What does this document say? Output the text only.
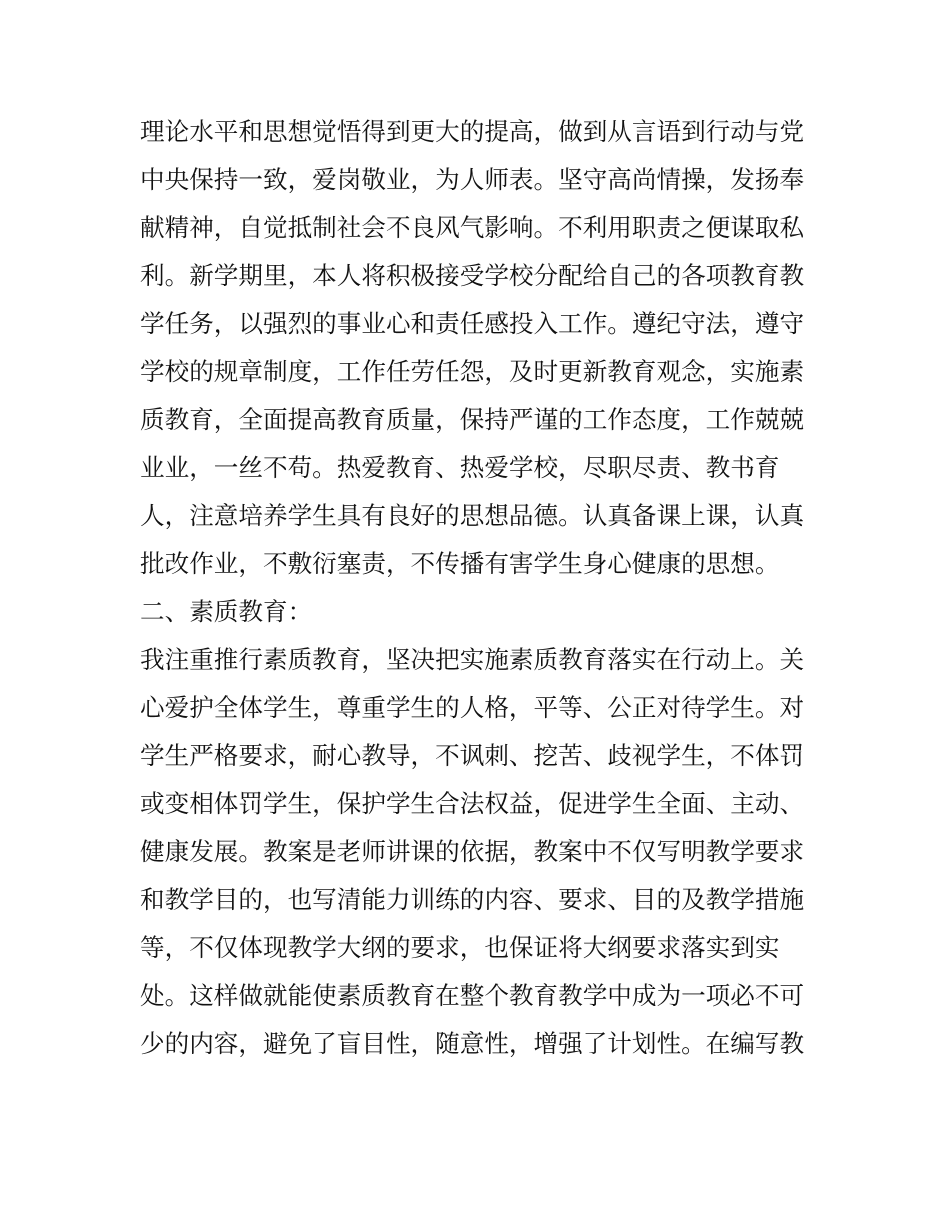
理论水平和思想觉悟得到更大的提高，做到从言语到行动与党
中央保持一致，爱岗敬业，为人师表。坚守高尚情操，发扬奉
献精神，自觉抵制社会不良风气影响。不利用职责之便谋取私
利。新学期里，本人将积极接受学校分配给自己的各项教育教
学任务，以强烈的事业心和责任感投入工作。遵纪守法，遵守
学校的规章制度，工作任劳任怨，及时更新教育观念，实施素
质教育，全面提高教育质量，保持严谨的工作态度，工作兢兢
业业，一丝不苟。热爱教育、热爱学校，尽职尽责、教书育
人，注意培养学生具有良好的思想品德。认真备课上课，认真
批改作业，不敷衍塞责，不传播有害学生身心健康的思想。
二、素质教育：
我注重推行素质教育，坚决把实施素质教育落实在行动上。关
心爱护全体学生，尊重学生的人格，平等、公正对待学生。对
学生严格要求，耐心教导，不讽刺、挖苦、歧视学生，不体罚
或变相体罚学生，保护学生合法权益，促进学生全面、主动、
健康发展。教案是老师讲课的依据，教案中不仅写明教学要求
和教学目的，也写清能力训练的内容、要求、目的及教学措施
等，不仅体现教学大纲的要求，也保证将大纲要求落实到实
处。这样做就能使素质教育在整个教育教学中成为一项必不可
少的内容，避免了盲目性，随意性，增强了计划性。在编写教
